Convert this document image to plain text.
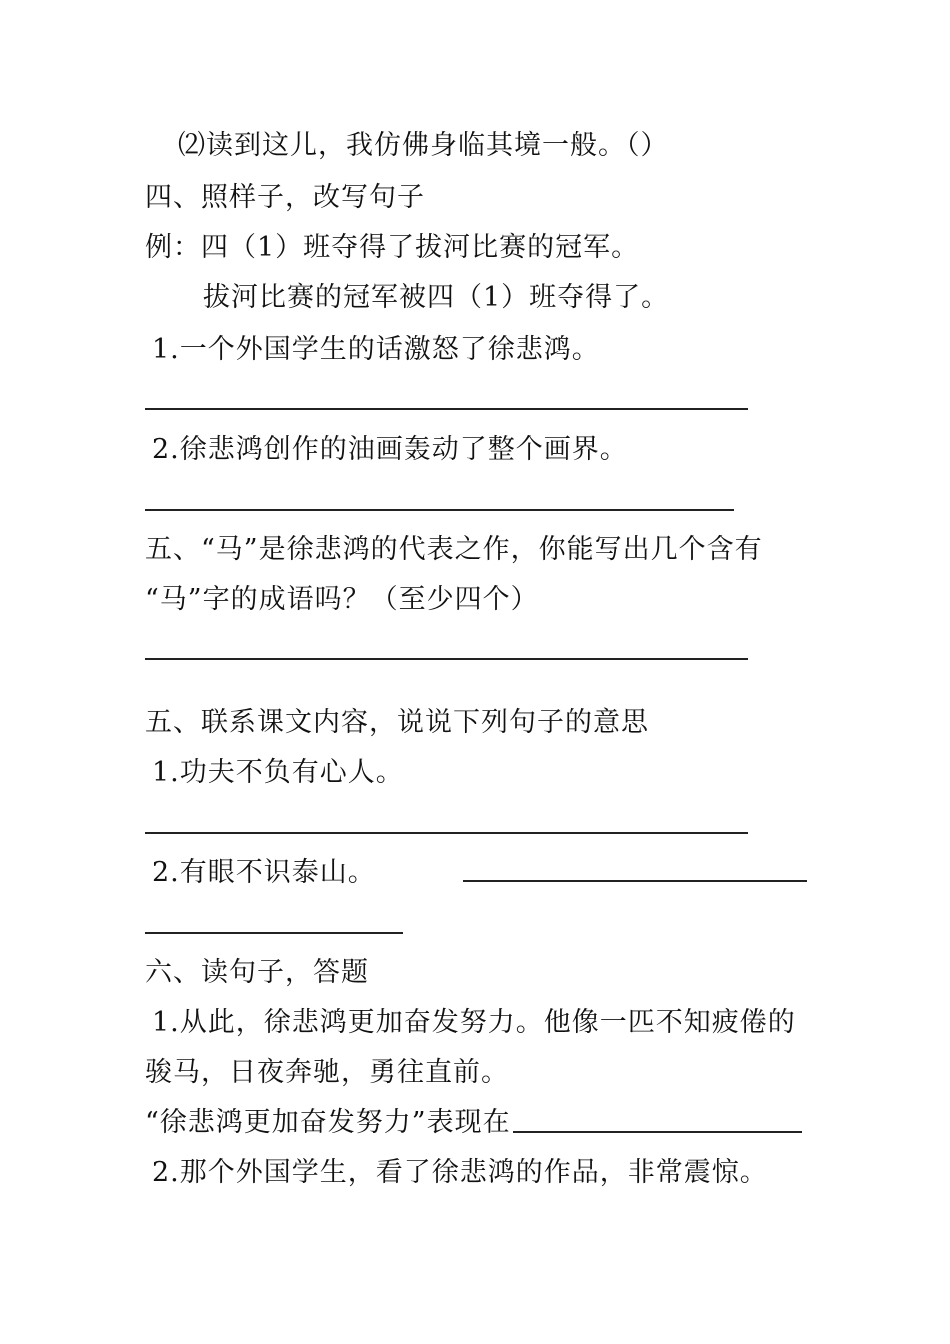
⑵读到这儿，我仿佛身临其境一般。（）
四、照样子，改写句子
例：四（1）班夺得了拔河比赛的冠军。
拔河比赛的冠军被四（1）班夺得了。
1.一个外国学生的话激怒了徐悲鸿。
2.徐悲鸿创作的油画轰动了整个画界。
五、“马”是徐悲鸿的代表之作，你能写出几个含有
“马”字的成语吗？（至少四个）
五、联系课文内容，说说下列句子的意思
1.功夫不负有心人。
2.有眼不识泰山。
六、读句子，答题
1.从此，徐悲鸿更加奋发努力。他像一匹不知疲倦的
骏马，日夜奔驰，勇往直前。
“徐悲鸿更加奋发努力”表现在
2.那个外国学生，看了徐悲鸿的作品，非常震惊。
